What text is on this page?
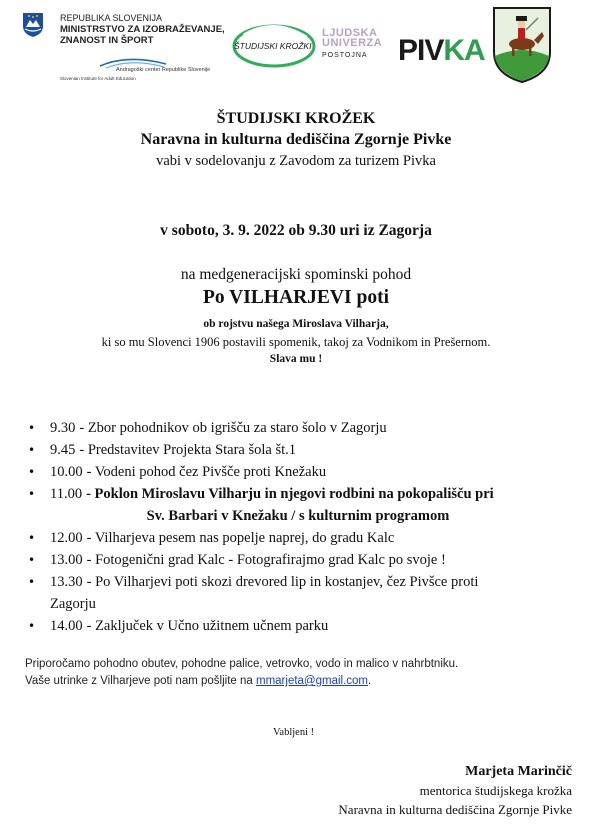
REPUBLIKA SLOVENIJA
MINISTRSTVO ZA IZOBRAŽEVANJE,
ZNANOST IN ŠPORT
Andragoški center Republike Slovenije
Slovenian Institute for Adult Education
ŠTUDIJSKI KROŽKI
LJUDSKA
UNIVERZA
POSTOJNA	PIVKA
ŠTUDIJSKI KROŽEK
Naravna in kulturna dediščina Zgornje Pivke
vabi v sodelovanju z Zavodom za turizem Pivka
v soboto, 3. 9. 2022 ob 9.30 uri iz Zagorja
na medgeneracijski spominski pohod
Po VILHARJEVI poti
ob rojstvu našega Miroslava Vilharja,
ki so mu Slovenci 1906 postavili spomenik, takoj za Vodnikom in Prešernom.
Slava mu !
• 9.30 - Zbor pohodnikov ob igrišču za staro šolo v Zagorju
• 9.45 - Predstavitev Projekta Stara šola št.1
• 10.00 - Vodeni pohod čez Pivšče proti Knežaku
• 11.00 - Poklon Miroslavu Vilharju in njegovi rodbini na pokopališču pri
Sv. Barbari v Knežaku / s kulturnim programom
• 12.00 - Vilharjeva pesem nas popelje naprej, do gradu Kalc
• 13.00 - Fotogenični grad Kalc - Fotografirajmo grad Kalc po svoje !
• 13.30 - Po Vilharjevi poti skozi drevored lip in kostanjev, čez Pivšce proti
Zagorju
• 14.00 - Zaključek v Učno užitnem učnem parku
Priporočamo pohodno obutev, pohodne palice, vetrovko, vodo in malico v nahrbtniku.
Vaše utrinke z Vilharjeve poti nam pošljite na mmarjeta@gmail.com.
Vabljeni !
Marjeta Marinčič
mentorica študijskega krožka
Naravna in kulturna dediščina Zgornje Pivke
